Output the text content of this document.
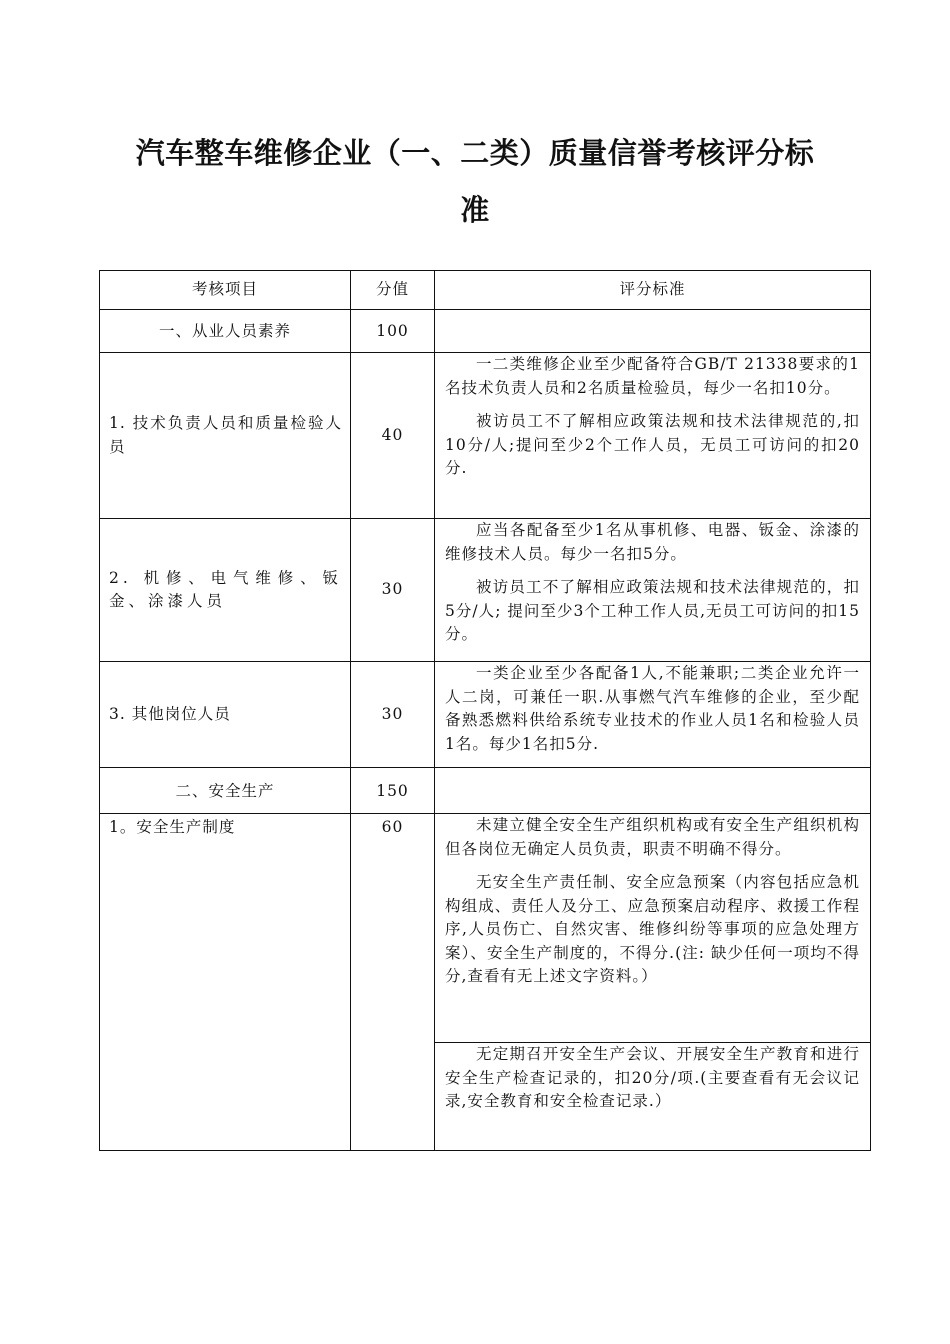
汽车整车维修企业（一、二类）质量信誉考核评分标
准
考核项目	分值	评分标准

一、从业人员素养	100	
1. 技术负责人员和质量检验人员	40	一二类维修企业至少配备符合GB/T 21338要求的1名技术负责人员和2名质量检验员，每少一名扣10分。

被访员工不了解相应政策法规和技术法律规范的,扣10分/人;提问至少2个工作人员，无员工可访问的扣20分.

2. 机修、电气维修、钣金、涂漆人员	30	应当各配备至少1名从事机修、电器、钣金、涂漆的维修技术人员。每少一名扣5分。

被访员工不了解相应政策法规和技术法律规范的，扣5分/人; 提问至少3个工种工作人员,无员工可访问的扣15分。

3. 其他岗位人员	30	一类企业至少各配备1人,不能兼职;二类企业允许一人二岗，可兼任一职.从事燃气汽车维修的企业，至少配备熟悉燃料供给系统专业技术的作业人员1名和检验人员1名。每少1名扣5分.

二、安全生产	150	
1。安全生产制度	60	未建立健全安全生产组织机构或有安全生产组织机构但各岗位无确定人员负责，职责不明确不得分。

无安全生产责任制、安全应急预案（内容包括应急机构组成、责任人及分工、应急预案启动程序、救援工作程序,人员伤亡、自然灾害、维修纠纷等事项的应急处理方案）、安全生产制度的，不得分.(注: 缺少任何一项均不得分,查看有无上述文字资料。）

		无定期召开安全生产会议、开展安全生产教育和进行安全生产检查记录的，扣20分/项.(主要查看有无会议记录,安全教育和安全检查记录.）
